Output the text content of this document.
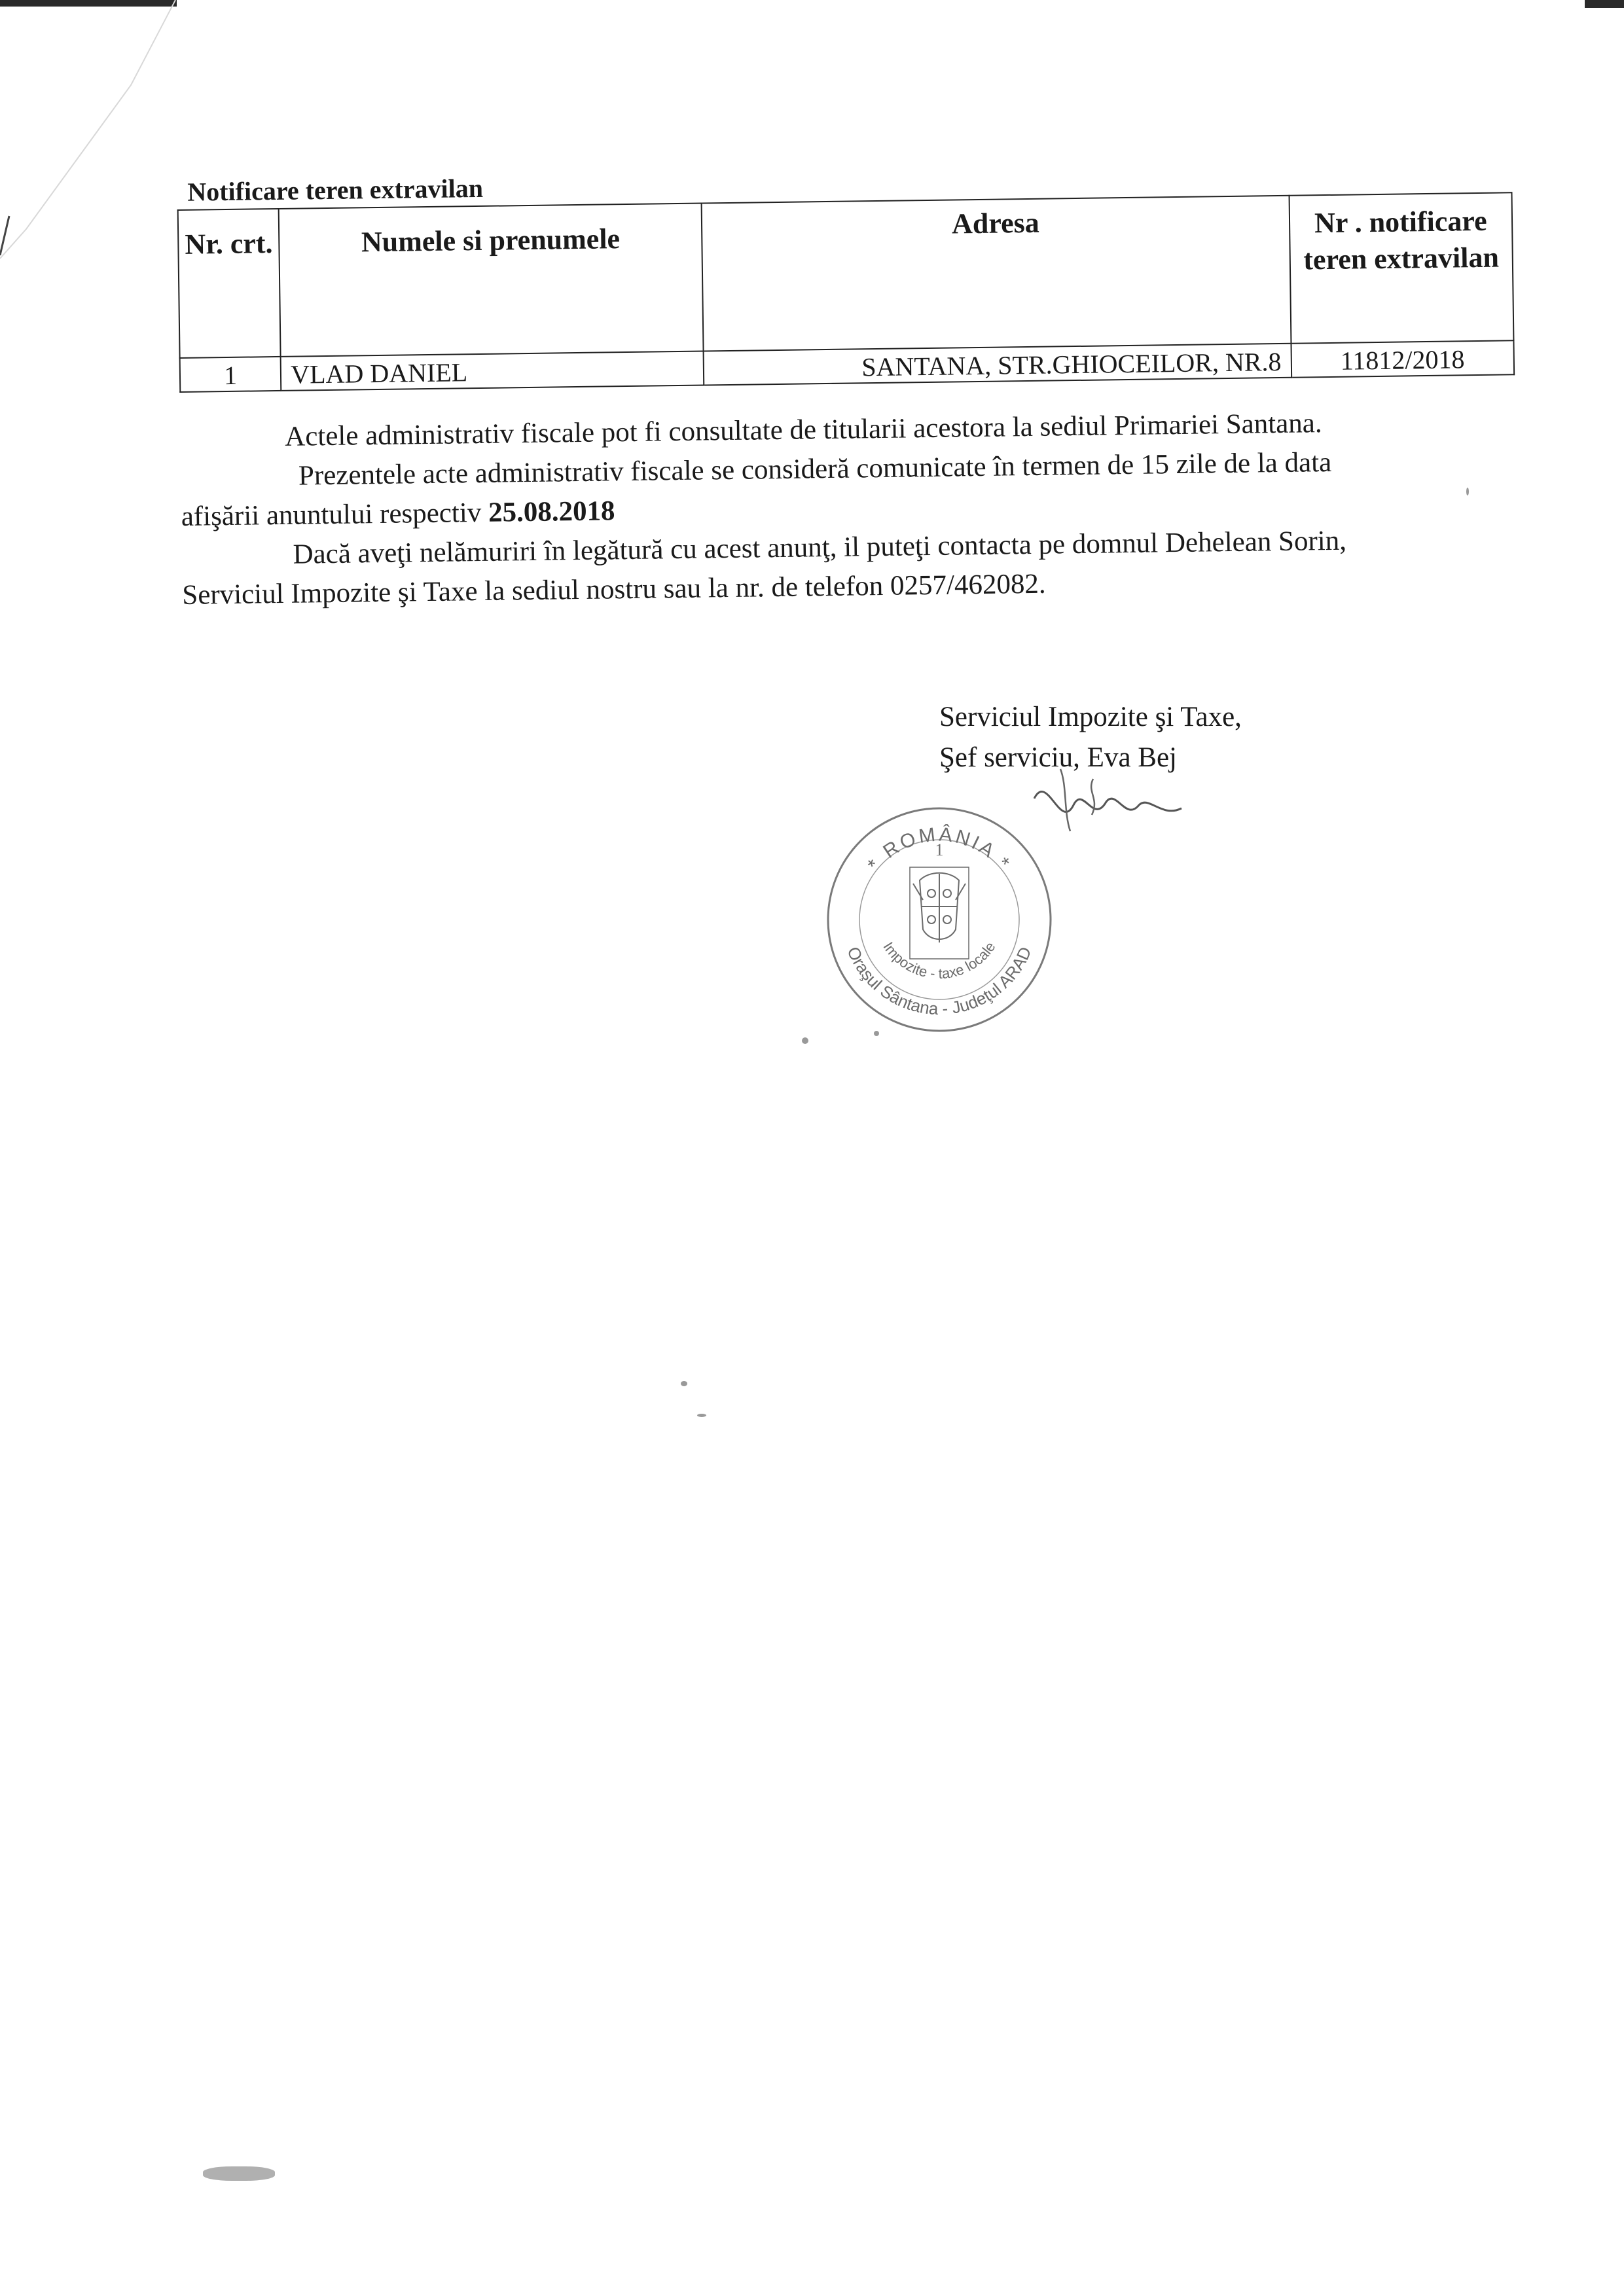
Notificare teren extravilan
Nr. crt.	Numele si prenumele	Adresa	Nr . notificare teren extravilan
1	VLAD DANIEL	SANTANA, STR.GHIOCEILOR, NR.8	11812/2018

Actele administrativ fiscale pot fi consultate de titularii acestora la sediul Primariei Santana.

Prezentele acte administrativ fiscale se consideră comunicate în termen de 15 zile de la data

afişării anuntului respectiv 25.08.2018

Dacă aveţi nelămuriri în legătură cu acest anunţ, il puteţi contacta pe domnul Dehelean Sorin,

Serviciul Impozite şi Taxe la sediul nostru sau la nr. de telefon 0257/462082.

Serviciul Impozite şi Taxe,

Şef serviciu, Eva Bej

* ROMÂNIA *
1
Oraşul Sântana - Judeţul ARAD
Impozite - taxe locale
